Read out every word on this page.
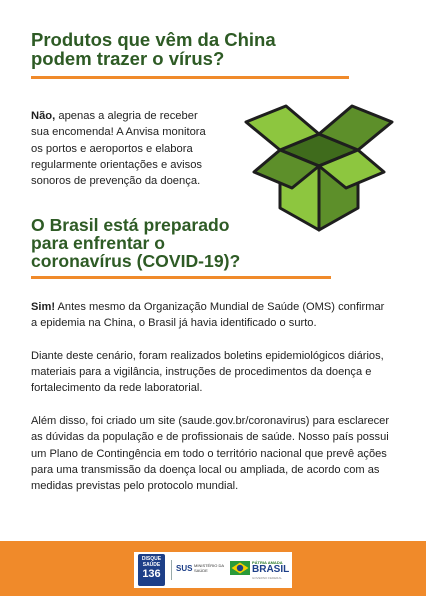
Produtos que vêm da China
podem trazer o vírus?

Não, apenas a alegria de receber sua encomenda! A Anvisa monitora os portos e aeroportos e elabora regularmente orientações e avisos sonoros de prevenção da doença.

O Brasil está preparado
para enfrentar o
coronavírus (COVID-19)?

Sim! Antes mesmo da Organização Mundial de Saúde (OMS) confirmar a epidemia na China, o Brasil já havia identificado o surto.

Diante deste cenário, foram realizados boletins epidemiológicos diários, materiais para a vigilância, instruções de procedimentos da doença e fortalecimento da rede laboratorial.

Além disso, foi criado um site (saude.gov.br/coronavirus) para esclarecer as dúvidas da população e de profissionais de saúde. Nosso país possui um Plano de Contingência em todo o território nacional que prevê ações para uma transmissão da doença local ou ampliada, de acordo com as medidas previstas pelo protocolo mundial.

DISQUE
SAÚDE
136	SUS MINISTÉRIO DA SAÚDE
PÁTRIA AMADA
BRASIL
GOVERNO FEDERAL
